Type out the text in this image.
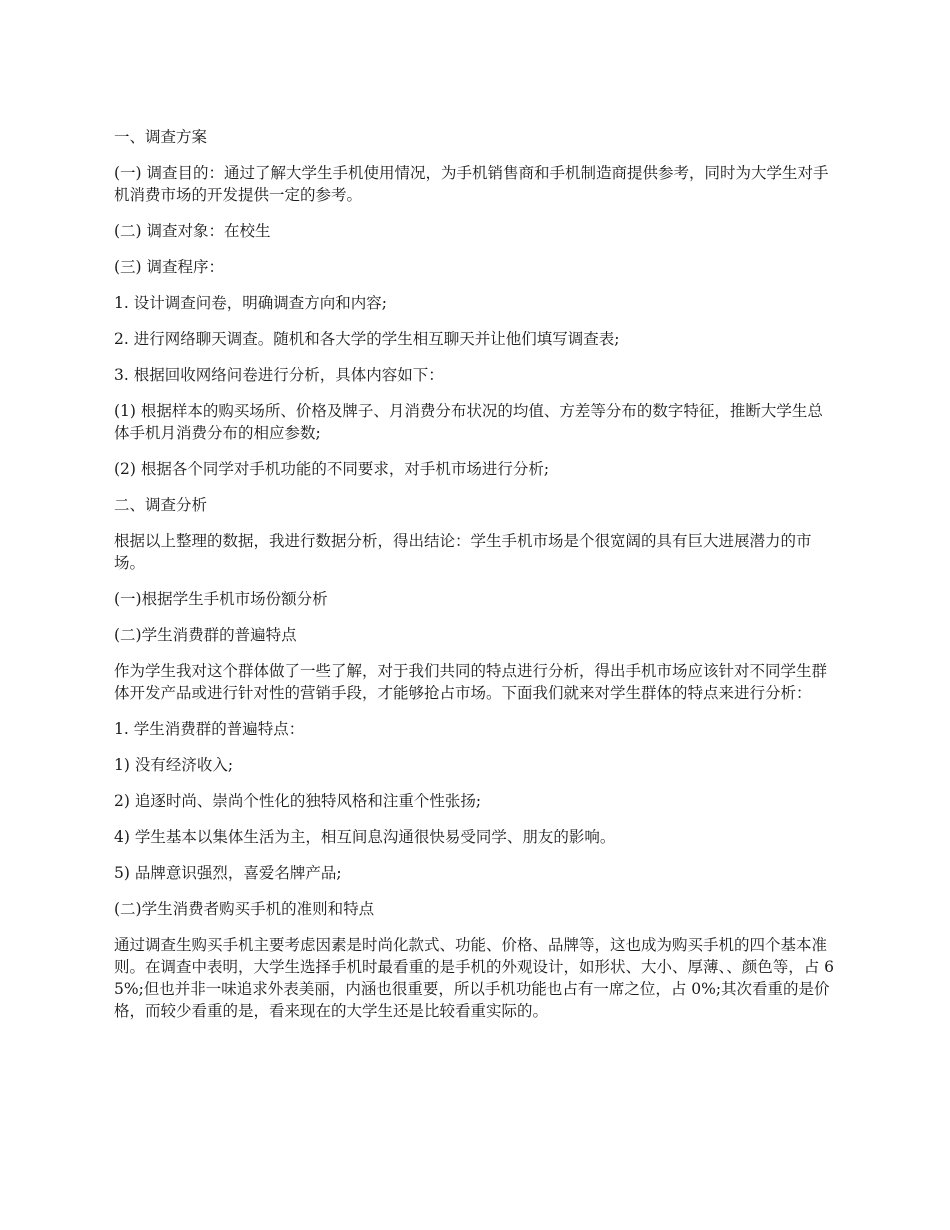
一、调查方案

(一) 调查目的：通过了解大学生手机使用情况，为手机销售商和手机制造商提供参考，同时为大学生对手机消费市场的开发提供一定的参考。

(二) 调查对象：在校生

(三) 调查程序：

1. 设计调查问卷，明确调查方向和内容;

2. 进行网络聊天调查。随机和各大学的学生相互聊天并让他们填写调查表;

3. 根据回收网络问卷进行分析，具体内容如下：

(1) 根据样本的购买场所、价格及牌子、月消费分布状况的均值、方差等分布的数字特征，推断大学生总体手机月消费分布的相应参数;

(2) 根据各个同学对手机功能的不同要求，对手机市场进行分析;

二、调查分析

根据以上整理的数据，我进行数据分析，得出结论：学生手机市场是个很宽阔的具有巨大进展潜力的市场。

(一)根据学生手机市场份额分析

(二)学生消费群的普遍特点

作为学生我对这个群体做了一些了解，对于我们共同的特点进行分析，得出手机市场应该针对不同学生群体开发产品或进行针对性的营销手段，才能够抢占市场。下面我们就来对学生群体的特点来进行分析：

1. 学生消费群的普遍特点：

1) 没有经济收入;

2) 追逐时尚、崇尚个性化的独特风格和注重个性张扬;

4) 学生基本以集体生活为主，相互间息沟通很快易受同学、朋友的影响。

5) 品牌意识强烈，喜爱名牌产品;

(二)学生消费者购买手机的准则和特点

通过调查生购买手机主要考虑因素是时尚化款式、功能、价格、品牌等，这也成为购买手机的四个基本准则。在调查中表明，大学生选择手机时最看重的是手机的外观设计，如形状、大小、厚薄、、颜色等，占 65%;但也并非一味追求外表美丽，内涵也很重要，所以手机功能也占有一席之位，占 0%;其次看重的是价格，而较少看重的是，看来现在的大学生还是比较看重实际的。
